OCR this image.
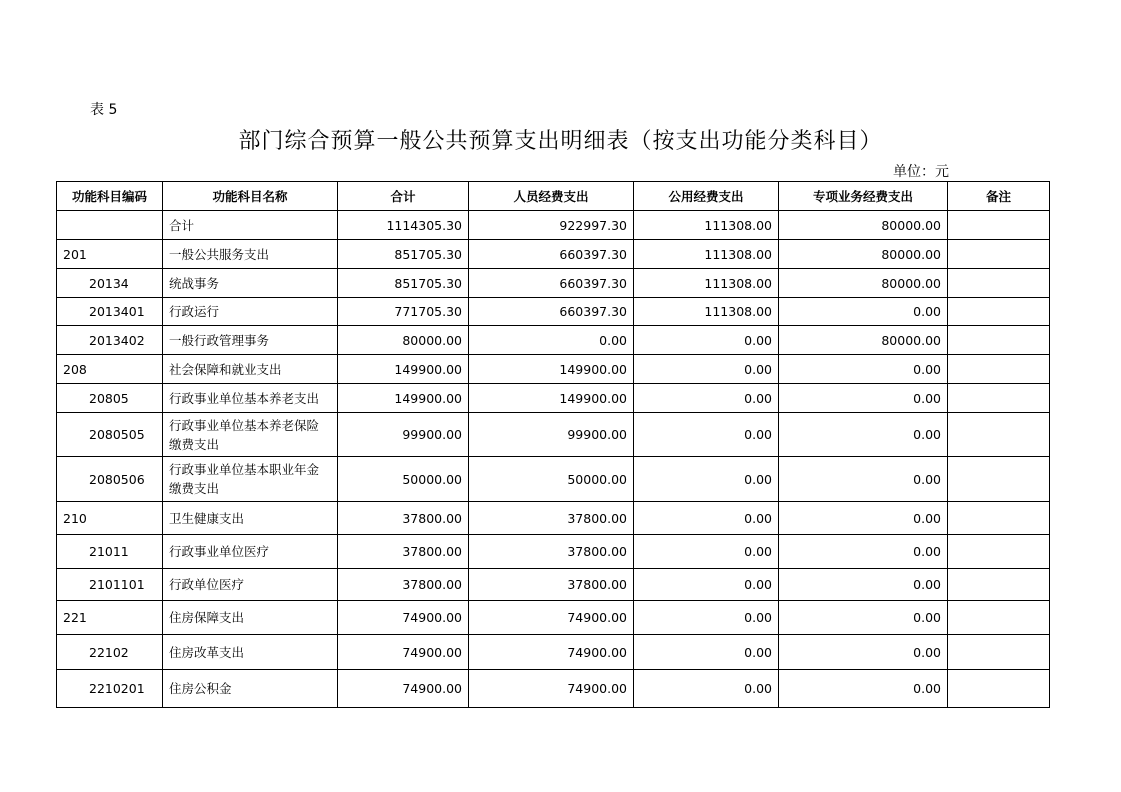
表 5
部门综合预算一般公共预算支出明细表（按支出功能分类科目）
单位：元
功能科目编码	功能科目名称	合计	人员经费支出	公用经费支出	专项业务经费支出	备注
	合计	1114305.30	922997.30	111308.00	80000.00	
201	一般公共服务支出	851705.30	660397.30	111308.00	80000.00	
20134	统战事务	851705.30	660397.30	111308.00	80000.00	
2013401	行政运行	771705.30	660397.30	111308.00	0.00	
2013402	一般行政管理事务	80000.00	0.00	0.00	80000.00	
208	社会保障和就业支出	149900.00	149900.00	0.00	0.00	
20805	行政事业单位基本养老支出	149900.00	149900.00	0.00	0.00	
2080505	行政事业单位基本养老保险缴费支出	99900.00	99900.00	0.00	0.00	
2080506	行政事业单位基本职业年金缴费支出	50000.00	50000.00	0.00	0.00	
210	卫生健康支出	37800.00	37800.00	0.00	0.00	
21011	行政事业单位医疗	37800.00	37800.00	0.00	0.00	
2101101	行政单位医疗	37800.00	37800.00	0.00	0.00	
221	住房保障支出	74900.00	74900.00	0.00	0.00	
22102	住房改革支出	74900.00	74900.00	0.00	0.00	
2210201	住房公积金	74900.00	74900.00	0.00	0.00	
